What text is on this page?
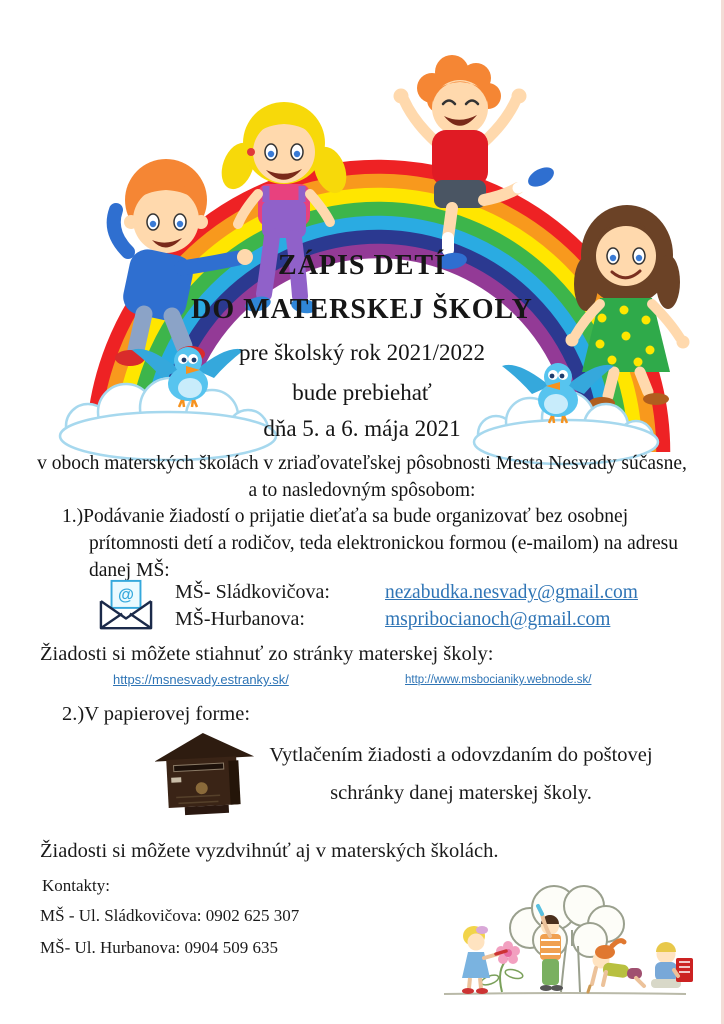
ZÁPIS DETÍ
DO MATERSKEJ ŠKOLY
pre školský rok 2021/2022
bude prebiehať
dňa 5. a 6. mája 2021
v oboch materských školách v zriaďovateľskej pôsobnosti Mesta Nesvady súčasne, a to nasledovným spôsobom:
1.)Podávanie žiadostí o prijatie dieťaťa sa bude organizovať bez osobnej prítomnosti detí a rodičov, teda elektronickou formou (e-mailom) na adresu danej MŠ:
@ MŠ- Sládkovičova:	nezabudka.nesvady@gmail.com
MŠ-Hurbanova:	mspribocianoch@gmail.com
Žiadosti si môžete stiahnuť zo stránky materskej školy:
https://msnesvady.estranky.sk/	http://www.msbocianiky.webnode.sk/
2.)V papierovej forme:
Vytlačením žiadosti a odovzdaním do poštovej
schránky danej materskej školy.
Žiadosti si môžete vyzdvihnúť aj v materských školách.
Kontakty:
MŠ - Ul. Sládkovičova: 0902 625 307
MŠ- Ul. Hurbanova: 0904 509 635
